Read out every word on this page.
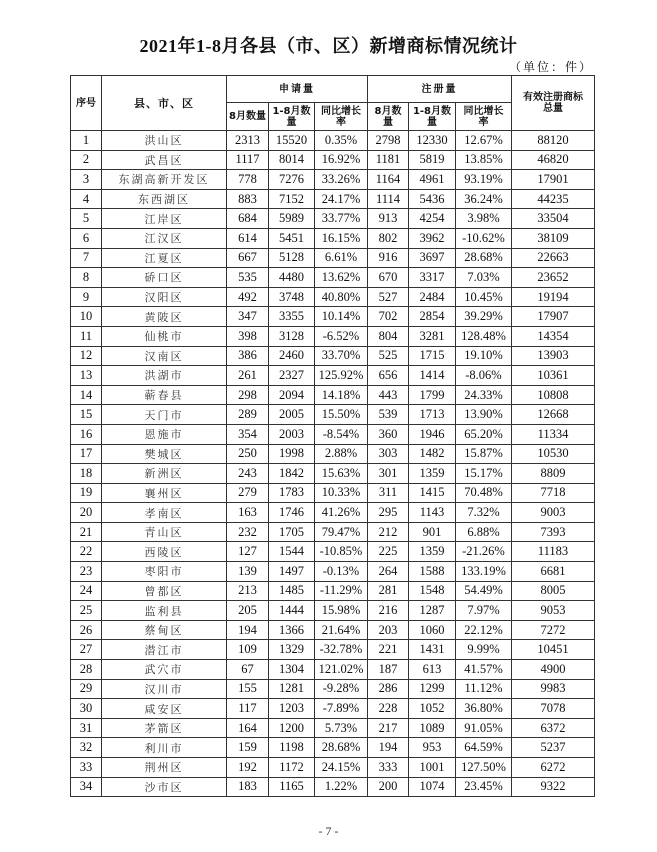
2021年1-8月各县（市、区）新增商标情况统计
（单位：件）
序号	县、市、区	申请量			注册量			有效注册商标总量
		8月数量	1-8月数量	同比增长率	8月数量	1-8月数量	同比增长率	
1	洪山区	2313	15520	0.35%	2798	12330	12.67%	88120
2	武昌区	1117	8014	16.92%	1181	5819	13.85%	46820
3	东湖高新开发区	778	7276	33.26%	1164	4961	93.19%	17901
4	东西湖区	883	7152	24.17%	1114	5436	36.24%	44235
5	江岸区	684	5989	33.77%	913	4254	3.98%	33504
6	江汉区	614	5451	16.15%	802	3962	-10.62%	38109
7	江夏区	667	5128	6.61%	916	3697	28.68%	22663
8	硚口区	535	4480	13.62%	670	3317	7.03%	23652
9	汉阳区	492	3748	40.80%	527	2484	10.45%	19194
10	黄陂区	347	3355	10.14%	702	2854	39.29%	17907
11	仙桃市	398	3128	-6.52%	804	3281	128.48%	14354
12	汉南区	386	2460	33.70%	525	1715	19.10%	13903
13	洪湖市	261	2327	125.92%	656	1414	-8.06%	10361
14	蕲春县	298	2094	14.18%	443	1799	24.33%	10808
15	天门市	289	2005	15.50%	539	1713	13.90%	12668
16	恩施市	354	2003	-8.54%	360	1946	65.20%	11334
17	樊城区	250	1998	2.88%	303	1482	15.87%	10530
18	新洲区	243	1842	15.63%	301	1359	15.17%	8809
19	襄州区	279	1783	10.33%	311	1415	70.48%	7718
20	孝南区	163	1746	41.26%	295	1143	7.32%	9003
21	青山区	232	1705	79.47%	212	901	6.88%	7393
22	西陵区	127	1544	-10.85%	225	1359	-21.26%	11183
23	枣阳市	139	1497	-0.13%	264	1588	133.19%	6681
24	曾都区	213	1485	-11.29%	281	1548	54.49%	8005
25	监利县	205	1444	15.98%	216	1287	7.97%	9053
26	蔡甸区	194	1366	21.64%	203	1060	22.12%	7272
27	潜江市	109	1329	-32.78%	221	1431	9.99%	10451
28	武穴市	67	1304	121.02%	187	613	41.57%	4900
29	汉川市	155	1281	-9.28%	286	1299	11.12%	9983
30	咸安区	117	1203	-7.89%	228	1052	36.80%	7078
31	茅箭区	164	1200	5.73%	217	1089	91.05%	6372
32	利川市	159	1198	28.68%	194	953	64.59%	5237
33	荆州区	192	1172	24.15%	333	1001	127.50%	6272
34	沙市区	183	1165	1.22%	200	1074	23.45%	9322
- 7 -
